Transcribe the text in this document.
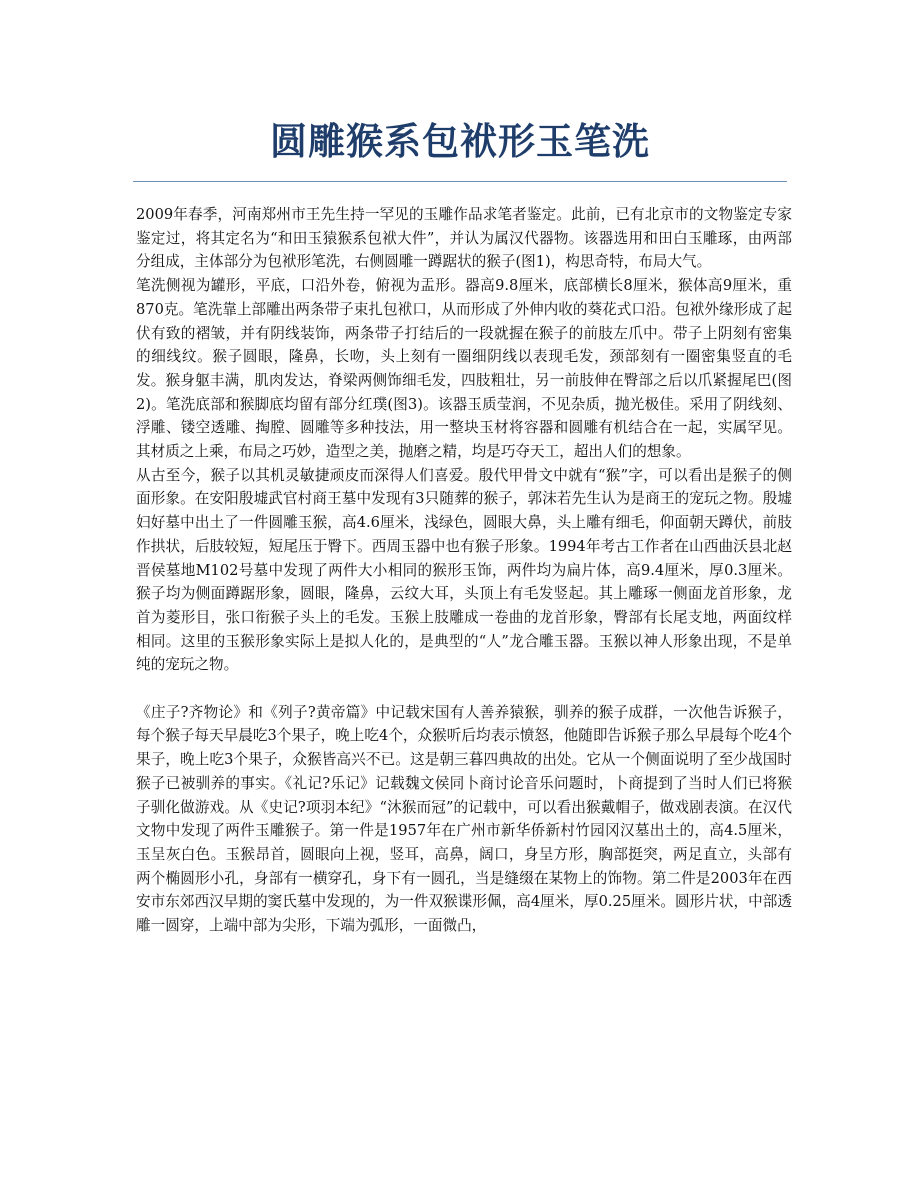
圆雕猴系包袱形玉笔洗

2009年春季，河南郑州市王先生持一罕见的玉雕作品求笔者鉴定。此前，已有北京市的文物鉴定专家鉴定过，将其定名为“和田玉猿猴系包袱大件”，并认为属汉代器物。该器选用和田白玉雕琢，由两部分组成，主体部分为包袱形笔洗，右侧圆雕一蹲踞状的猴子(图1)，构思奇特，布局大气。

笔洗侧视为罐形，平底，口沿外卷，俯视为盂形。器高9.8厘米，底部横长8厘米，猴体高9厘米，重870克。笔洗靠上部雕出两条带子束扎包袱口，从而形成了外伸内收的葵花式口沿。包袱外缘形成了起伏有致的褶皱，并有阴线装饰，两条带子打结后的一段就握在猴子的前肢左爪中。带子上阴刻有密集的细线纹。猴子圆眼，隆鼻，长吻，头上刻有一圈细阴线以表现毛发，颈部刻有一圈密集竖直的毛发。猴身躯丰满，肌肉发达，脊梁两侧饰细毛发，四肢粗壮，另一前肢伸在臀部之后以爪紧握尾巴(图2)。笔洗底部和猴脚底均留有部分红璞(图3)。该器玉质莹润，不见杂质，抛光极佳。采用了阴线刻、浮雕、镂空透雕、掏膛、圆雕等多种技法，用一整块玉材将容器和圆雕有机结合在一起，实属罕见。其材质之上乘，布局之巧妙，造型之美，抛磨之精，均是巧夺天工，超出人们的想象。

从古至今，猴子以其机灵敏捷顽皮而深得人们喜爱。殷代甲骨文中就有“猴”字，可以看出是猴子的侧面形象。在安阳殷墟武官村商王墓中发现有3只随葬的猴子，郭沫若先生认为是商王的宠玩之物。殷墟妇好墓中出土了一件圆雕玉猴，高4.6厘米，浅绿色，圆眼大鼻，头上雕有细毛，仰面朝天蹲伏，前肢作拱状，后肢较短，短尾压于臀下。西周玉器中也有猴子形象。1994年考古工作者在山西曲沃县北赵晋侯墓地M102号墓中发现了两件大小相同的猴形玉饰，两件均为扁片体，高9.4厘米，厚0.3厘米。猴子均为侧面蹲踞形象，圆眼，隆鼻，云纹大耳，头顶上有毛发竖起。其上雕琢一侧面龙首形象，龙首为菱形目，张口衔猴子头上的毛发。玉猴上肢雕成一卷曲的龙首形象，臀部有长尾支地，两面纹样相同。这里的玉猴形象实际上是拟人化的，是典型的“人”龙合雕玉器。玉猴以神人形象出现，不是单纯的宠玩之物。

《庄子?齐物论》和《列子?黄帝篇》中记载宋国有人善养猿猴，驯养的猴子成群，一次他告诉猴子，每个猴子每天早晨吃3个果子，晚上吃4个，众猴听后均表示愤怒，他随即告诉猴子那么早晨每个吃4个果子，晚上吃3个果子，众猴皆高兴不已。这是朝三暮四典故的出处。它从一个侧面说明了至少战国时猴子已被驯养的事实。《礼记?乐记》记载魏文侯同卜商讨论音乐问题时，卜商提到了当时人们已将猴子驯化做游戏。从《史记?项羽本纪》“沐猴而冠”的记载中，可以看出猴戴帽子，做戏剧表演。在汉代文物中发现了两件玉雕猴子。第一件是1957年在广州市新华侨新村竹园冈汉墓出土的，高4.5厘米，玉呈灰白色。玉猴昂首，圆眼向上视，竖耳，高鼻，阔口，身呈方形，胸部挺突，两足直立，头部有两个椭圆形小孔，身部有一横穿孔，身下有一圆孔，当是缝缀在某物上的饰物。第二件是2003年在西安市东郊西汉早期的窦氏墓中发现的，为一件双猴谍形佩，高4厘米，厚0.25厘米。圆形片状，中部透雕一圆穿，上端中部为尖形，下端为弧形，一面微凸，
